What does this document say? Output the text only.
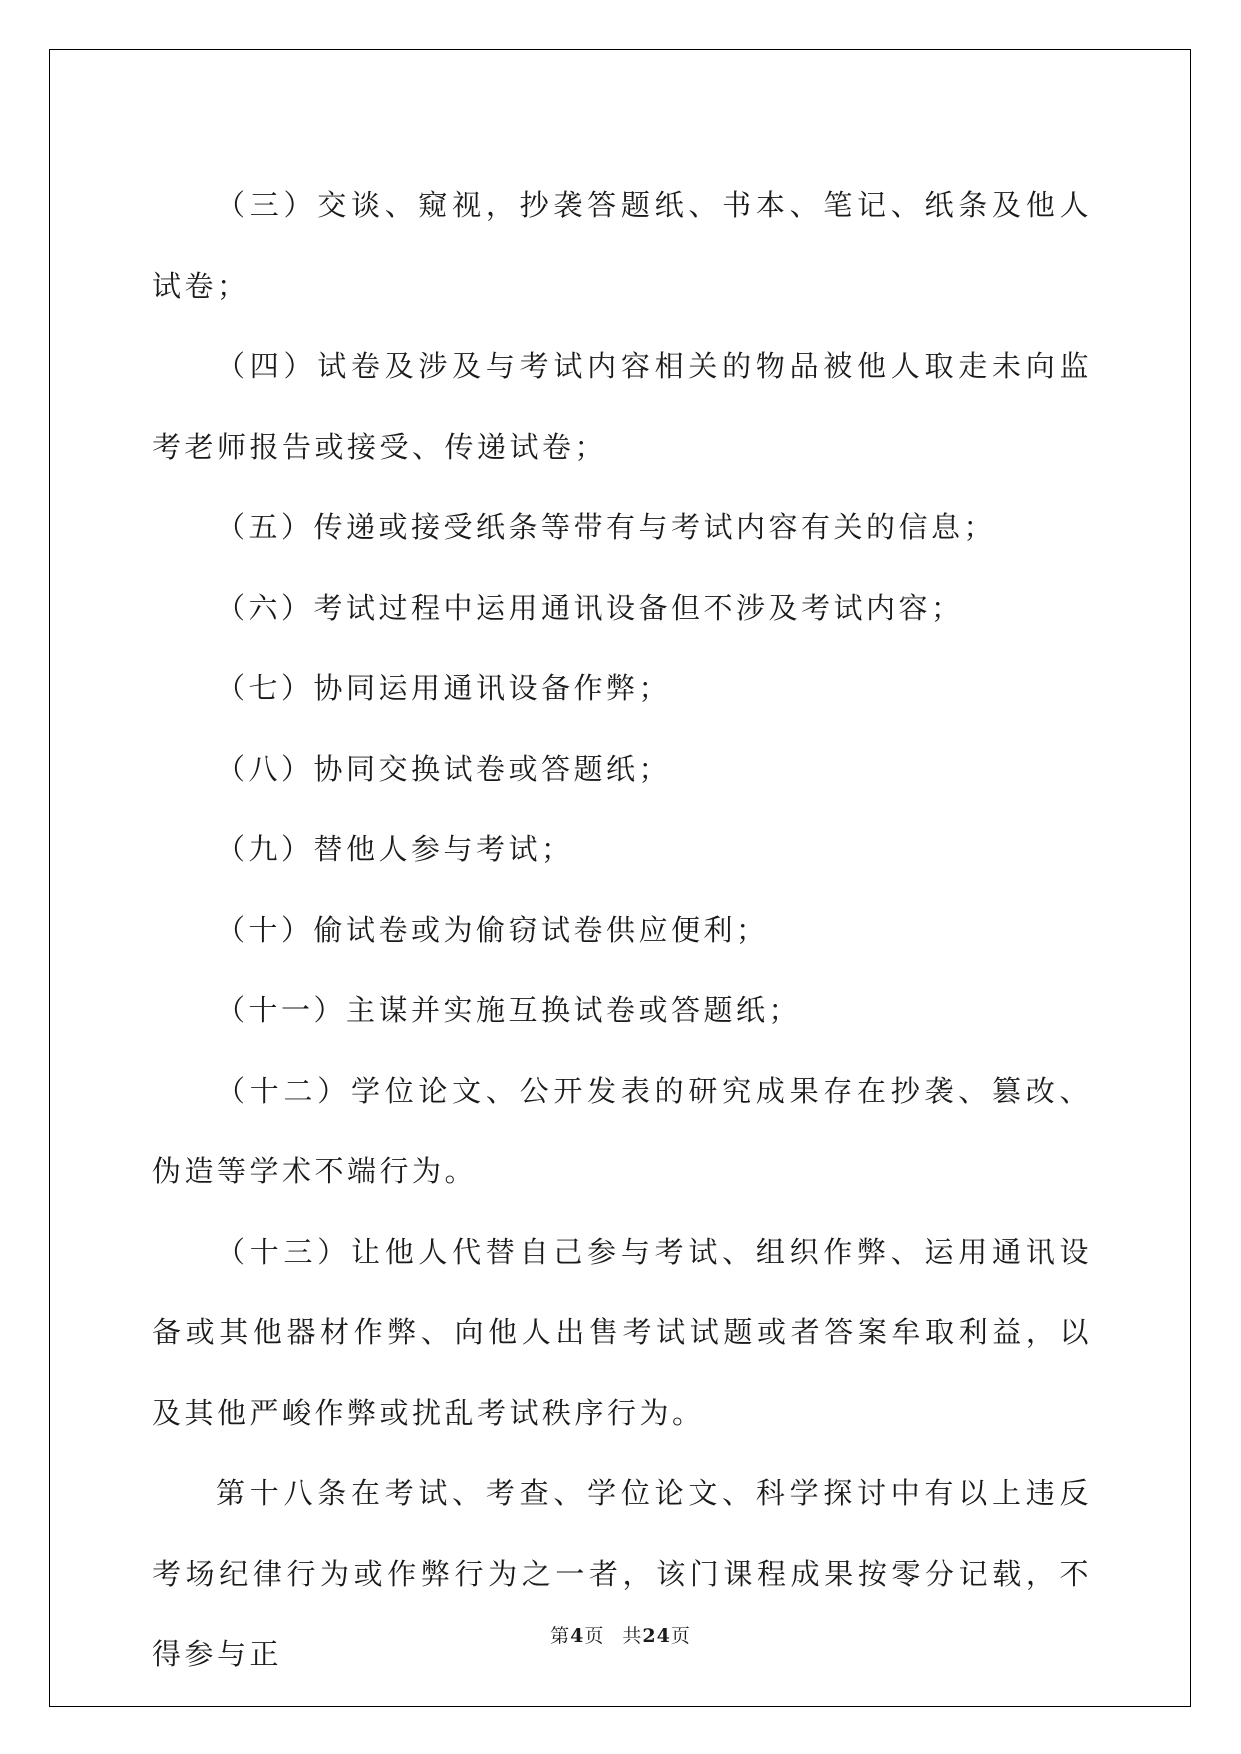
（三）交谈、窥视，抄袭答题纸、书本、笔记、纸条及他人试卷；

（四）试卷及涉及与考试内容相关的物品被他人取走未向监考老师报告或接受、传递试卷；

（五）传递或接受纸条等带有与考试内容有关的信息；

（六）考试过程中运用通讯设备但不涉及考试内容；

（七）协同运用通讯设备作弊；

（八）协同交换试卷或答题纸；

（九）替他人参与考试；

（十）偷试卷或为偷窃试卷供应便利；

（十一）主谋并实施互换试卷或答题纸；

（十二）学位论文、公开发表的研究成果存在抄袭、篡改、伪造等学术不端行为。

（十三）让他人代替自己参与考试、组织作弊、运用通讯设备或其他器材作弊、向他人出售考试试题或者答案牟取利益，以及其他严峻作弊或扰乱考试秩序行为。

第十八条在考试、考查、学位论文、科学探讨中有以上违反考场纪律行为或作弊行为之一者，该门课程成果按零分记载，不得参与正

第4页 共24页
